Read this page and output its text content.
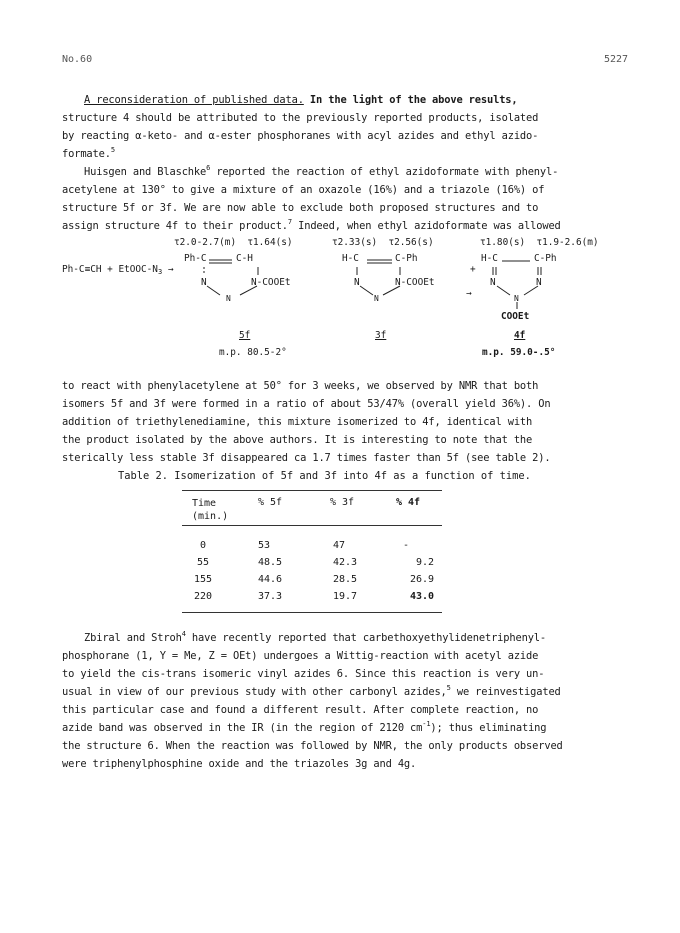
No.60	5227
A reconsideration of published data. In the light of the above results,
structure 4 should be attributed to the previously reported products, isolated
by reacting α-keto- and α-ester phosphoranes with acyl azides and ethyl azido-
formate.$^5$
Huisgen and Blaschke$^6$ reported the reaction of ethyl azidoformate with phenyl-
acetylene at 130° to give a mixture of an oxazole (16%) and a triazole (16%) of
structure 5f or 3f. We are now able to exclude both proposed structures and to
assign structure 4f to their product.$^7$ Indeed, when ethyl azidoformate was allowed
τ2.0-2.7(m)  τ1.64(s)
Ph-C	C-H
N	N-COOEt
N
5f
m.p. 80.5-2°
Ph-C≡CH + EtOOC-$N_3$ →
τ2.33(s)  τ2.56(s)
H-C	C-Ph
N	N-COOEt
N
3f
+
→
τ1.80(s)  τ1.9-2.6(m)
H-C	C-Ph
N	N
N
COOEt
4f
m.p. 59.0-.5°
to react with phenylacetylene at 50° for 3 weeks, we observed by NMR that both
isomers 5f and 3f were formed in a ratio of about 53/47% (overall yield 36%). On
addition of triethylenediamine, this mixture isomerized to 4f, identical with
the product isolated by the above authors. It is interesting to note that the
sterically less stable 3f disappeared ca 1.7 times faster than 5f (see table 2).
Table 2. Isomerization of 5f and 3f into 4f as a function of time.
Time
(min.)
% 5f	% 3f	% 4f
0	53	47	-
55	48.5	42.3	9.2
155	44.6	28.5	26.9
220	37.3	19.7	43.0
Zbiral and Stroh$^4$ have recently reported that carbethoxyethylidenetriphenyl-
phosphorane (1, Y = Me, Z = OEt) undergoes a Wittig-reaction with acetyl azide
to yield the cis-trans isomeric vinyl azides 6. Since this reaction is very un-
usual in view of our previous study with other carbonyl azides,$^5$ we reinvestigated
this particular case and found a different result. After complete reaction, no
azide band was observed in the IR (in the region of 2120 $cm^{-1}$); thus eliminating
the structure 6. When the reaction was followed by NMR, the only products observed
were triphenylphosphine oxide and the triazoles 3g and 4g.
